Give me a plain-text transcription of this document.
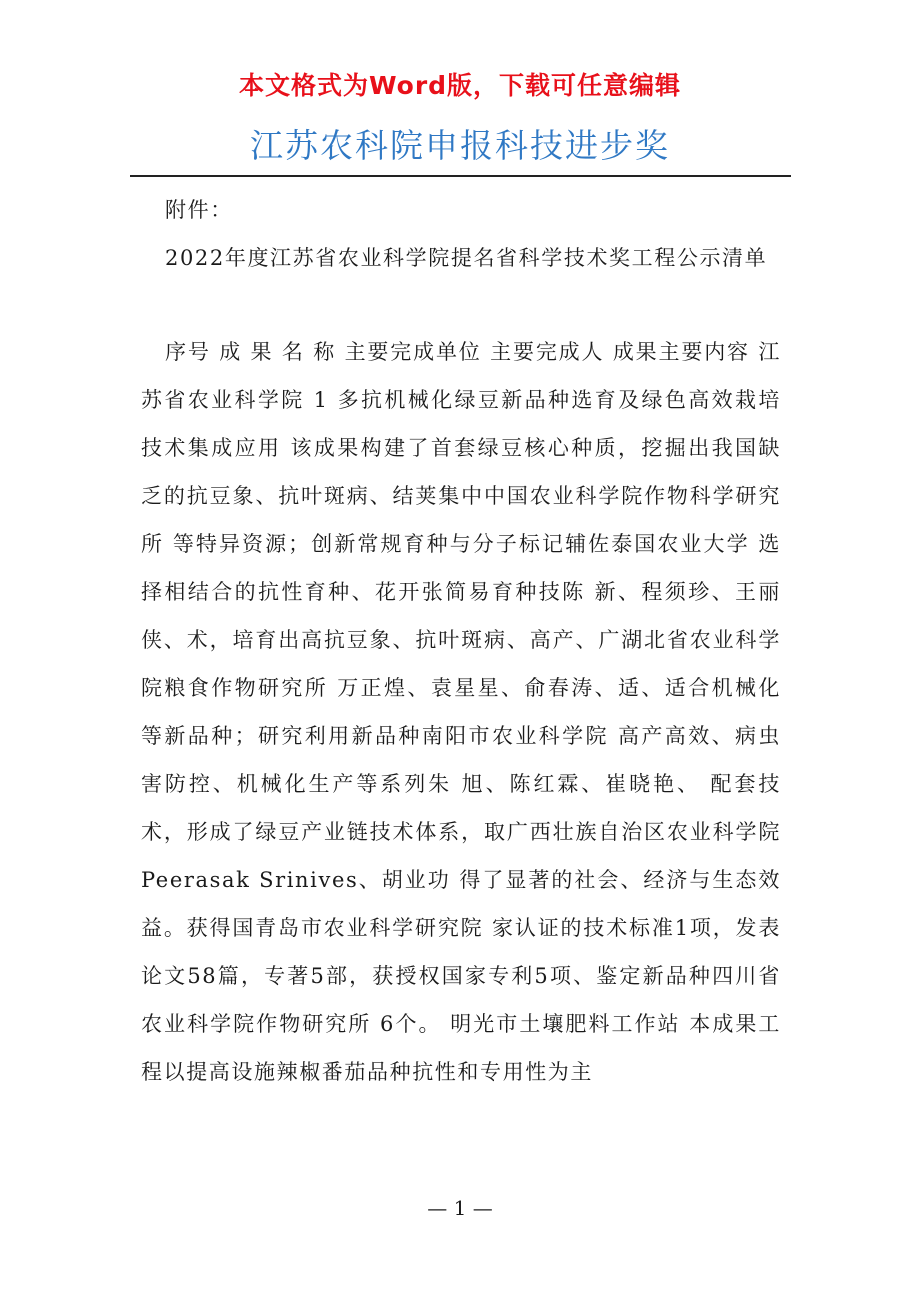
本文格式为Word版，下载可任意编辑
江苏农科院申报科技进步奖

附件：

2022年度江苏省农业科学院提名省科学技术奖工程公示清单

序号 成 果 名 称 主要完成单位 主要完成人 成果主要内容 江苏省农业科学院 1 多抗机械化绿豆新品种选育及绿色高效栽培技术集成应用 该成果构建了首套绿豆核心种质，挖掘出我国缺乏的抗豆象、抗叶斑病、结荚集中中国农业科学院作物科学研究所 等特异资源；创新常规育种与分子标记辅佐泰国农业大学 选择相结合的抗性育种、花开张简易育种技陈 新、程须珍、王丽侠、术，培育出高抗豆象、抗叶斑病、高产、广湖北省农业科学院粮食作物研究所 万正煌、袁星星、俞春涛、适、适合机械化等新品种；研究利用新品种南阳市农业科学院 高产高效、病虫害防控、机械化生产等系列朱 旭、陈红霖、崔晓艳、 配套技术，形成了绿豆产业链技术体系，取广西壮族自治区农业科学院 Peerasak Srinives、胡业功 得了显著的社会、经济与生态效益。获得国青岛市农业科学研究院 家认证的技术标准1项，发表论文58篇，专著5部，获授权国家专利5项、鉴定新品种四川省农业科学院作物研究所 6个。 明光市土壤肥料工作站 本成果工程以提高设施辣椒番茄品种抗性和专用性为主

— 1 —
